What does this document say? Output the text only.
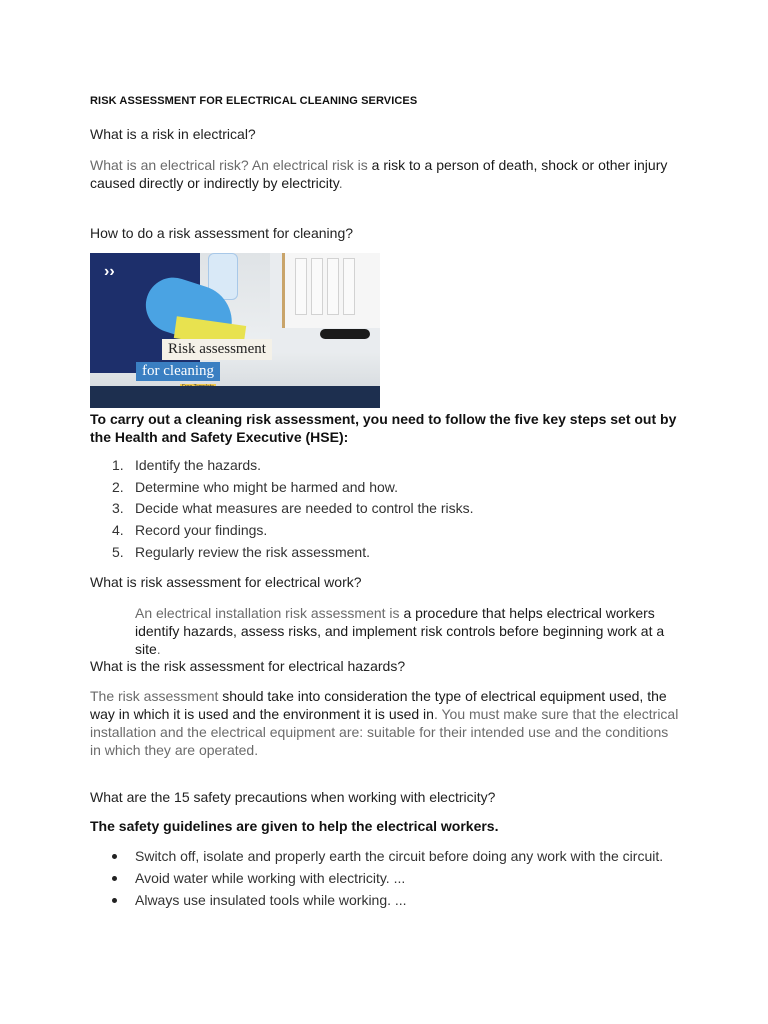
RISK ASSESSMENT FOR ELECTRICAL CLEANING SERVICES
What is a risk in electrical?
What is an electrical risk? An electrical risk is a risk to a person of death, shock or other injury caused directly or indirectly by electricity.
How to do a risk assessment for cleaning?
››
Risk assessment
for cleaning
To carry out a cleaning risk assessment, you need to follow the five key steps set out by the Health and Safety Executive (HSE):
1. Identify the hazards.
2. Determine who might be harmed and how.
3. Decide what measures are needed to control the risks.
4. Record your findings.
5. Regularly review the risk assessment.
What is risk assessment for electrical work?
An electrical installation risk assessment is a procedure that helps electrical workers identify hazards, assess risks, and implement risk controls before beginning work at a site.
What is the risk assessment for electrical hazards?
The risk assessment should take into consideration the type of electrical equipment used, the way in which it is used and the environment it is used in. You must make sure that the electrical installation and the electrical equipment are: suitable for their intended use and the conditions in which they are operated.
What are the 15 safety precautions when working with electricity?
The safety guidelines are given to help the electrical workers.
Switch off, isolate and properly earth the circuit before doing any work with the circuit.
Avoid water while working with electricity. ...
Always use insulated tools while working. ...
